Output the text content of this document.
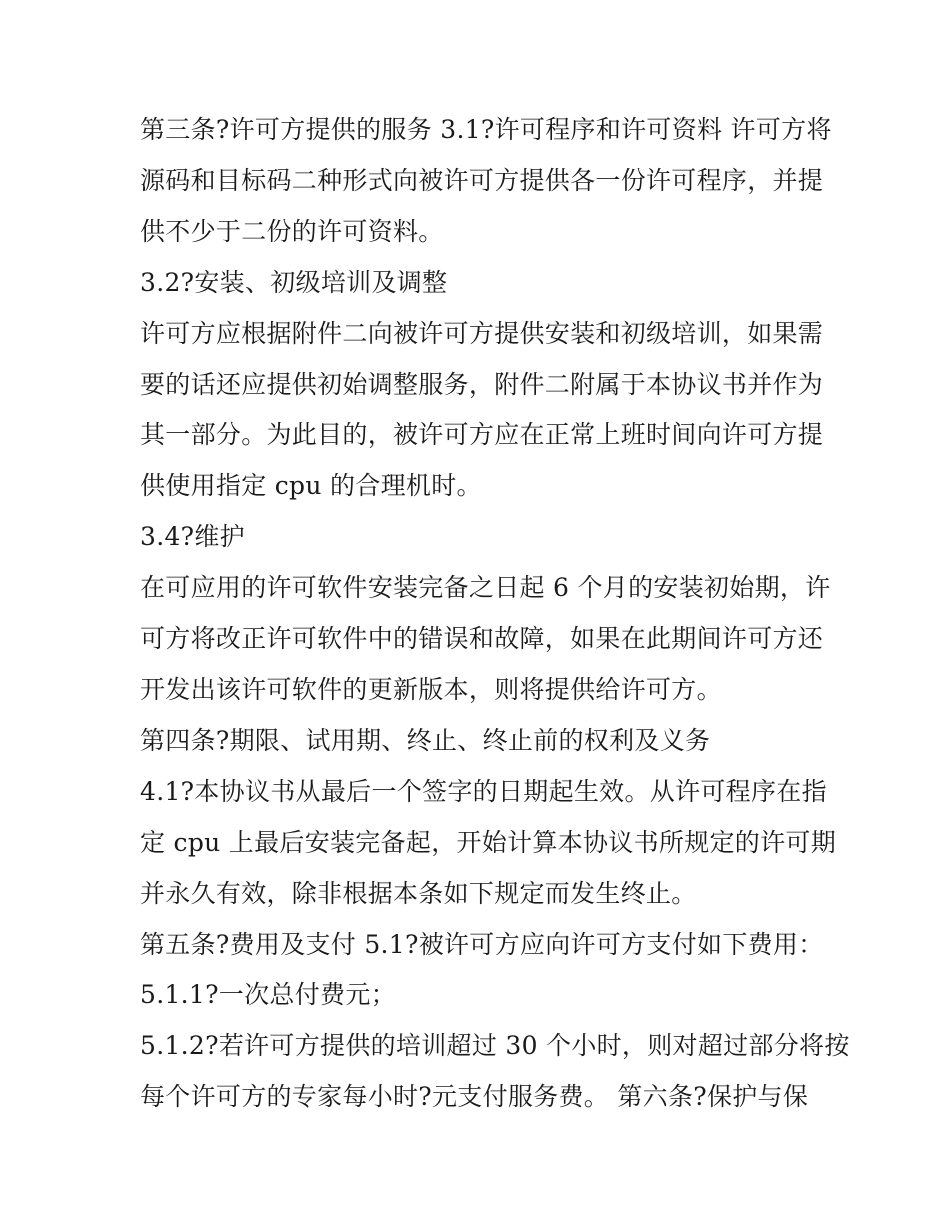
第三条?许可方提供的服务 3.1?许可程序和许可资料 许可方将

源码和目标码二种形式向被许可方提供各一份许可程序，并提

供不少于二份的许可资料。

3.2?安装、初级培训及调整

许可方应根据附件二向被许可方提供安装和初级培训，如果需

要的话还应提供初始调整服务，附件二附属于本协议书并作为

其一部分。为此目的，被许可方应在正常上班时间向许可方提

供使用指定 cpu 的合理机时。

3.4?维护

在可应用的许可软件安装完备之日起 6 个月的安装初始期，许

可方将改正许可软件中的错误和故障，如果在此期间许可方还

开发出该许可软件的更新版本，则将提供给许可方。

第四条?期限、试用期、终止、终止前的权利及义务

4.1?本协议书从最后一个签字的日期起生效。从许可程序在指

定 cpu 上最后安装完备起，开始计算本协议书所规定的许可期

并永久有效，除非根据本条如下规定而发生终止。

第五条?费用及支付 5.1?被许可方应向许可方支付如下费用：

5.1.1?一次总付费元；

5.1.2?若许可方提供的培训超过 30 个小时，则对超过部分将按

每个许可方的专家每小时?元支付服务费。 第六条?保护与保
